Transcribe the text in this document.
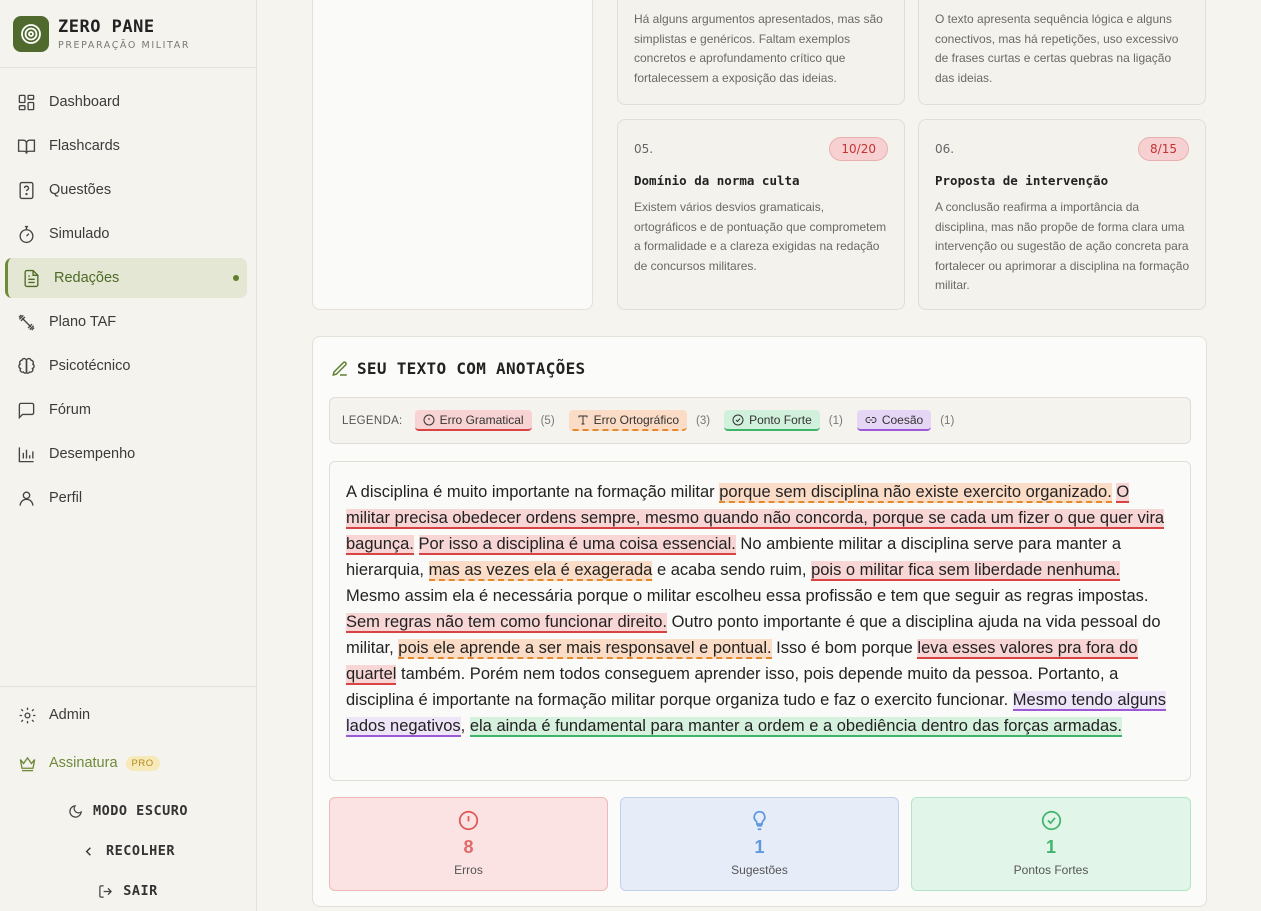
ZERO PANE
PREPARAÇÃO MILITAR
Dashboard
Flashcards
Questões
Simulado
Redações
Plano TAF
Psicotécnico
Fórum
Desempenho
Perfil
Admin
Assinatura	PRO
MODO ESCURO
RECOLHER
SAIR
Há alguns argumentos apresentados, mas são simplistas e genéricos. Faltam exemplos concretos e aprofundamento crítico que fortalecessem a exposição das ideias.
O texto apresenta sequência lógica e alguns conectivos, mas há repetições, uso excessivo de frases curtas e certas quebras na ligação das ideias.
05.	10/20
Domínio da norma culta
Existem vários desvios gramaticais, ortográficos e de pontuação que comprometem a formalidade e a clareza exigidas na redação de concursos militares.
06.	8/15
Proposta de intervenção
A conclusão reafirma a importância da disciplina, mas não propõe de forma clara uma intervenção ou sugestão de ação concreta para fortalecer ou aprimorar a disciplina na formação militar.
SEU TEXTO COM ANOTAÇÕES
LEGENDA:	Erro Gramatical (5)	Erro Ortográfico (3)	Ponto Forte (1)	Coesão (1)
A disciplina é muito importante na formação militar porque sem disciplina não existe exercito organizado. O militar precisa obedecer ordens sempre, mesmo quando não concorda, porque se cada um fizer o que quer vira bagunça. Por isso a disciplina é uma coisa essencial. No ambiente militar a disciplina serve para manter a hierarquia, mas as vezes ela é exagerada e acaba sendo ruim, pois o militar fica sem liberdade nenhuma. Mesmo assim ela é necessária porque o militar escolheu essa profissão e tem que seguir as regras impostas. Sem regras não tem como funcionar direito. Outro ponto importante é que a disciplina ajuda na vida pessoal do militar, pois ele aprende a ser mais responsavel e pontual. Isso é bom porque leva esses valores pra fora do quartel também. Porém nem todos conseguem aprender isso, pois depende muito da pessoa. Portanto, a disciplina é importante na formação militar porque organiza tudo e faz o exercito funcionar. Mesmo tendo alguns lados negativos, ela ainda é fundamental para manter a ordem e a obediência dentro das forças armadas.
8
Erros
1
Sugestões
1
Pontos Fortes
